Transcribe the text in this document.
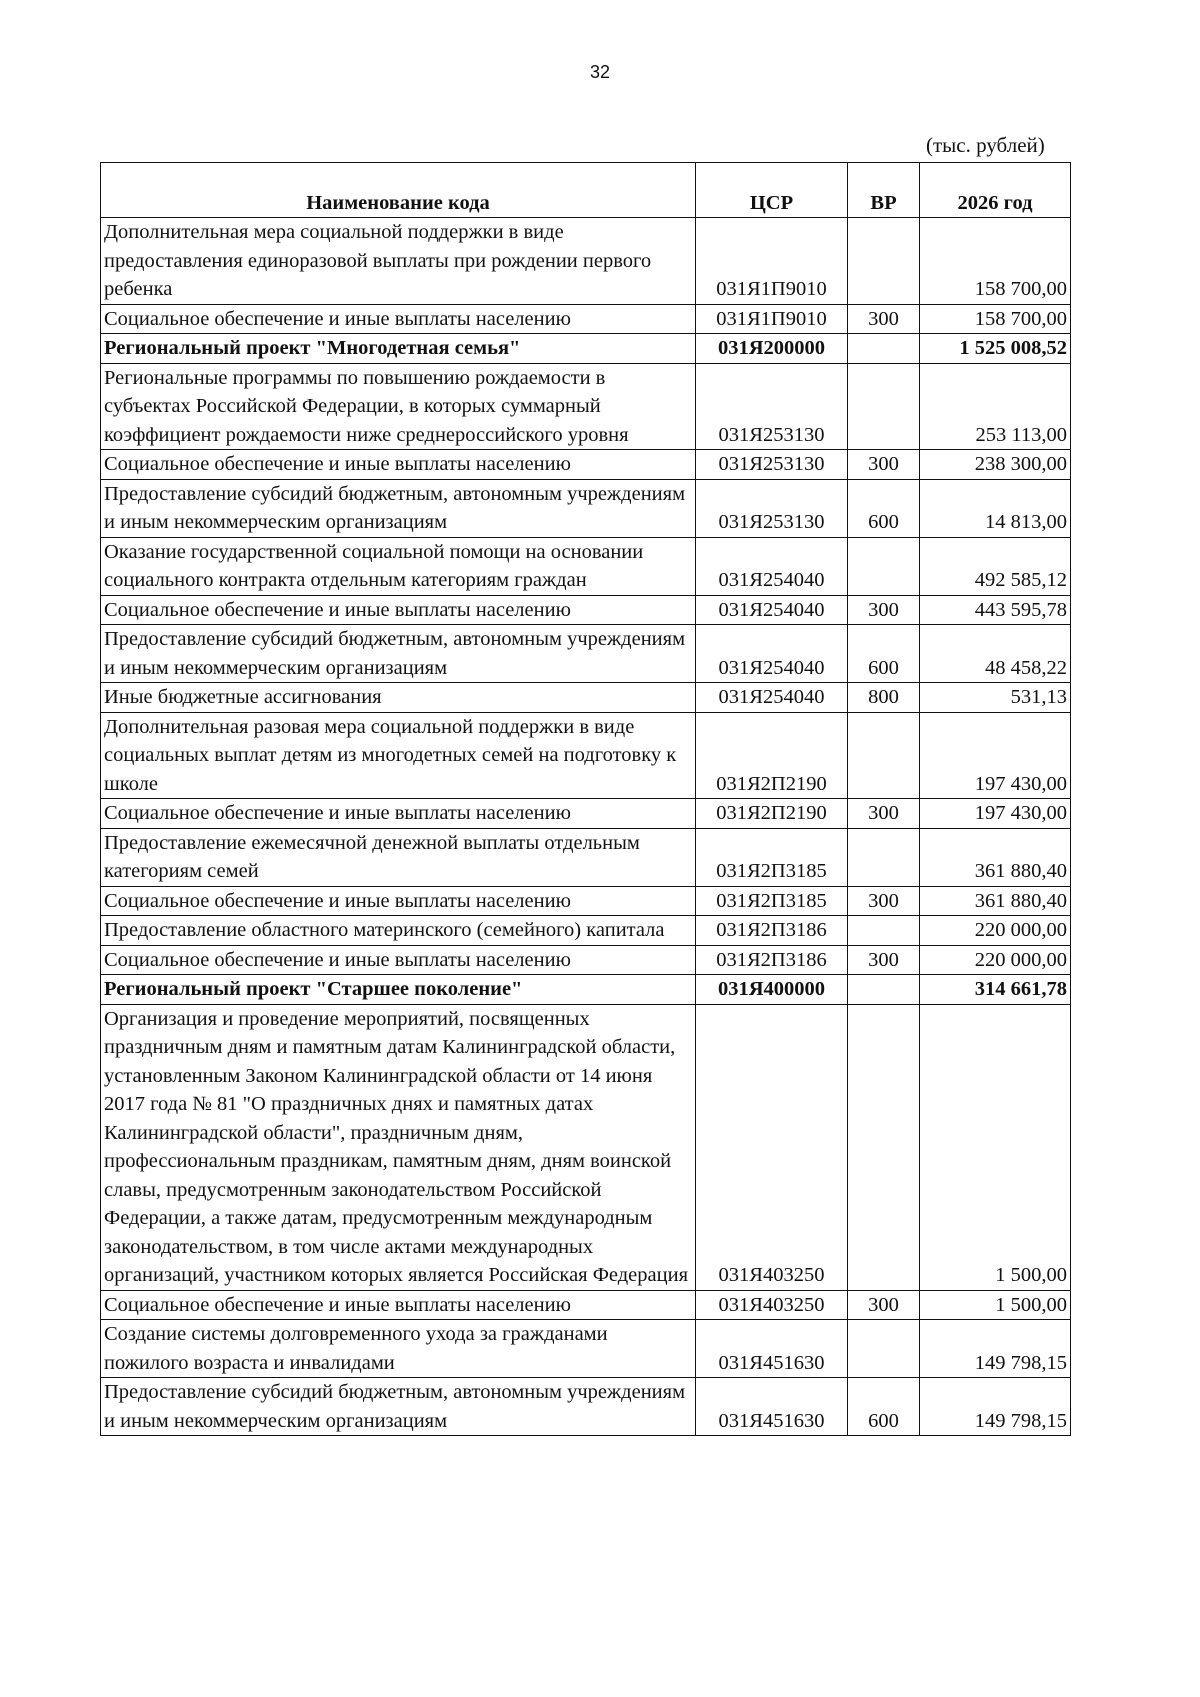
32
(тыс. рублей)
Наименование кода	ЦСР	ВР	2026 год
Дополнительная мера социальной поддержки в виде предоставления единоразовой выплаты при рождении первого ребенка	031Я1П9010		158 700,00
Социальное обеспечение и иные выплаты населению	031Я1П9010	300	158 700,00
Региональный проект "Многодетная семья"	031Я200000		1 525 008,52
Региональные программы по повышению рождаемости в субъектах Российской Федерации, в которых суммарный коэффициент рождаемости ниже среднероссийского уровня	031Я253130		253 113,00
Социальное обеспечение и иные выплаты населению	031Я253130	300	238 300,00
Предоставление субсидий бюджетным, автономным учреждениям и иным некоммерческим организациям	031Я253130	600	14 813,00
Оказание государственной социальной помощи на основании социального контракта отдельным категориям граждан	031Я254040		492 585,12
Социальное обеспечение и иные выплаты населению	031Я254040	300	443 595,78
Предоставление субсидий бюджетным, автономным учреждениям и иным некоммерческим организациям	031Я254040	600	48 458,22
Иные бюджетные ассигнования	031Я254040	800	531,13
Дополнительная разовая мера социальной поддержки в виде социальных выплат детям из многодетных семей на подготовку к школе	031Я2П2190		197 430,00
Социальное обеспечение и иные выплаты населению	031Я2П2190	300	197 430,00
Предоставление ежемесячной денежной выплаты отдельным категориям семей	031Я2П3185		361 880,40
Социальное обеспечение и иные выплаты населению	031Я2П3185	300	361 880,40
Предоставление областного материнского (семейного) капитала	031Я2П3186		220 000,00
Социальное обеспечение и иные выплаты населению	031Я2П3186	300	220 000,00
Региональный проект "Старшее поколение"	031Я400000		314 661,78
Организация и проведение мероприятий, посвященных праздничным дням и памятным датам Калининградской области, установленным Законом Калининградской области от 14 июня 2017 года № 81 "О праздничных днях и памятных датах Калининградской области", праздничным дням, профессиональным праздникам, памятным дням, дням воинской славы, предусмотренным законодательством Российской Федерации, а также датам, предусмотренным международным законодательством, в том числе актами международных организаций, участником которых является Российская Федерация	031Я403250		1 500,00
Социальное обеспечение и иные выплаты населению	031Я403250	300	1 500,00
Создание системы долговременного ухода за гражданами пожилого возраста и инвалидами	031Я451630		149 798,15
Предоставление субсидий бюджетным, автономным учреждениям и иным некоммерческим организациям	031Я451630	600	149 798,15
